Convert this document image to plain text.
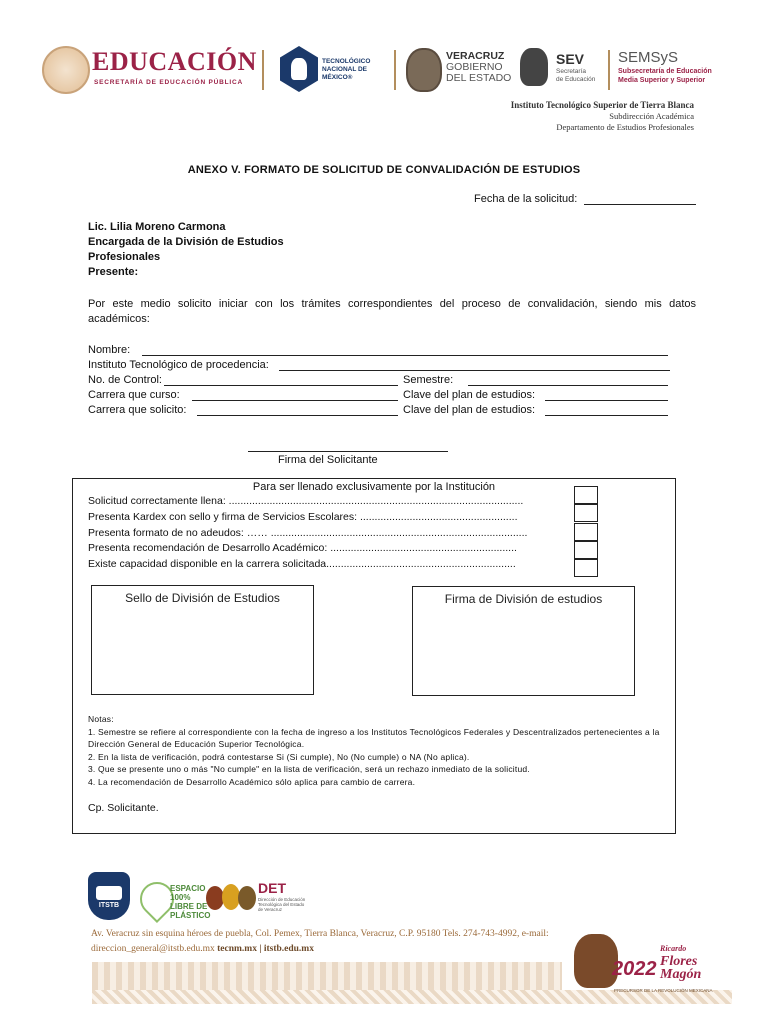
EDUCACIÓN
SECRETARÍA DE EDUCACIÓN PÚBLICA
TECNOLÓGICO
NACIONAL DE MÉXICO®
VERACRUZ
GOBIERNO
DEL ESTADO
SEV
Secretaría
de Educación
SEMSyS
Subsecretaría de Educación
Media Superior y Superior
Instituto Tecnológico Superior de Tierra Blanca
Subdirección Académica
Departamento de Estudios Profesionales
ANEXO V. FORMATO DE SOLICITUD DE CONVALIDACIÓN DE ESTUDIOS
Fecha de la solicitud:
Lic. Lilia Moreno Carmona
Encargada de la División de Estudios
Profesionales
Presente:
Por este medio solicito iniciar con los trámites correspondientes del proceso de convalidación, siendo mis datos académicos:
Nombre:
Instituto Tecnológico de procedencia:
No. de Control:	Semestre:
Carrera que curso:	Clave del plan de estudios:
Carrera que solicito:	Clave del plan de estudios:
Firma del Solicitante
Para ser llenado exclusivamente por la Institución
Solicitud correctamente llena: .....................................................................................................
Presenta Kardex con sello y firma de Servicios Escolares: ......................................................
Presenta formato de no adeudos: …… ........................................................................................
Presenta recomendación de Desarrollo Académico: ................................................................
Existe capacidad disponible en la carrera solicitada.................................................................
Sello de División de Estudios	Firma de División de estudios
Notas:
1. Semestre se refiere al correspondiente con la fecha de ingreso a los Institutos Tecnológicos Federales y Descentralizados pertenecientes a la Dirección General de Educación Superior Tecnológica.
2. En la lista de verificación, podrá contestarse Si (Si cumple), No (No cumple) o NA (No aplica).
3. Que se presente uno o más "No cumple" en la lista de verificación, será un rechazo inmediato de la solicitud.
4. La recomendación de Desarrollo Académico sólo aplica para cambio de carrera.
Cp. Solicitante.
ITSTB
ESPACIO
100%
LIBRE DE
PLÁSTICO
DET
Dirección de Educación Tecnológica del Estado de Veracruz
Av. Veracruz sin esquina héroes de puebla, Col. Pemex, Tierra Blanca, Veracruz, C.P. 95180 Tels. 274-743-4992, e-mail: direccion_general@itstb.edu.mx tecnm.mx | itstb.edu.mx
2022
Ricardo
Flores
Magón
PRECURSOR DE LA REVOLUCIÓN MEXICANA
